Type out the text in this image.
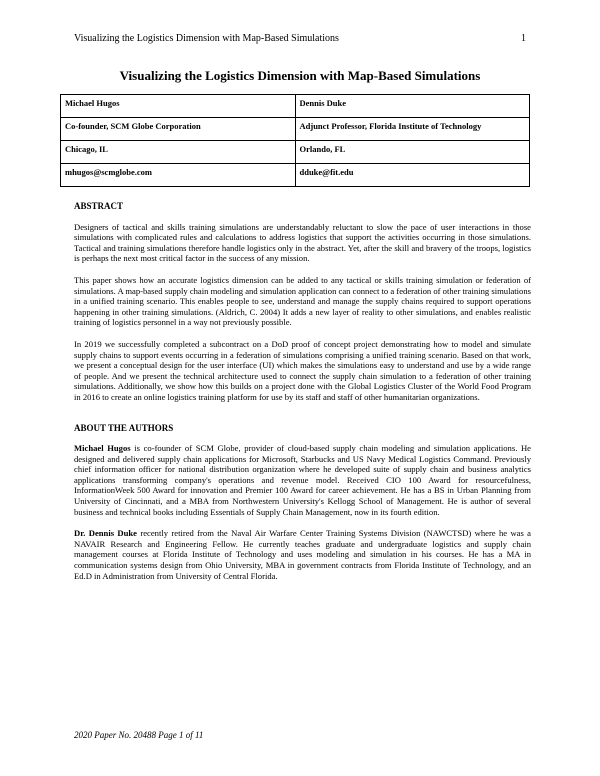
Visualizing the Logistics Dimension with Map-Based Simulations	1
Visualizing the Logistics Dimension with Map-Based Simulations
Michael Hugos	Dennis Duke
Co-founder, SCM Globe Corporation	Adjunct Professor, Florida Institute of Technology
Chicago, IL	Orlando, FL
mhugos@scmglobe.com	dduke@fit.edu
ABSTRACT

Designers of tactical and skills training simulations are understandably reluctant to slow the pace of user interactions in those simulations with complicated rules and calculations to address logistics that support the activities occurring in those simulations. Tactical and training simulations therefore handle logistics only in the abstract. Yet, after the skill and bravery of the troops, logistics is perhaps the next most critical factor in the success of any mission.

This paper shows how an accurate logistics dimension can be added to any tactical or skills training simulation or federation of simulations. A map-based supply chain modeling and simulation application can connect to a federation of other training simulations in a unified training scenario. This enables people to see, understand and manage the supply chains required to support operations happening in other training simulations. (Aldrich, C. 2004) It adds a new layer of reality to other simulations, and enables realistic training of logistics personnel in a way not previously possible.

In 2019 we successfully completed a subcontract on a DoD proof of concept project demonstrating how to model and simulate supply chains to support events occurring in a federation of simulations comprising a unified training scenario. Based on that work, we present a conceptual design for the user interface (UI) which makes the simulations easy to understand and use by a wide range of people. And we present the technical architecture used to connect the supply chain simulation to a federation of other training simulations. Additionally, we show how this builds on a project done with the Global Logistics Cluster of the World Food Program in 2016 to create an online logistics training platform for use by its staff and staff of other humanitarian organizations.

ABOUT THE AUTHORS

Michael Hugos is co-founder of SCM Globe, provider of cloud-based supply chain modeling and simulation applications. He designed and delivered supply chain applications for Microsoft, Starbucks and US Navy Medical Logistics Command. Previously chief information officer for national distribution organization where he developed suite of supply chain and business analytics applications transforming company's operations and revenue model. Received CIO 100 Award for resourcefulness, InformationWeek 500 Award for innovation and Premier 100 Award for career achievement. He has a BS in Urban Planning from University of Cincinnati, and a MBA from Northwestern University's Kellogg School of Management. He is author of several business and technical books including Essentials of Supply Chain Management, now in its fourth edition.

Dr. Dennis Duke recently retired from the Naval Air Warfare Center Training Systems Division (NAWCTSD) where he was a NAVAIR Research and Engineering Fellow. He currently teaches graduate and undergraduate logistics and supply chain management courses at Florida Institute of Technology and uses modeling and simulation in his courses. He has a MA in communication systems design from Ohio University, MBA in government contracts from Florida Institute of Technology, and an Ed.D in Administration from University of Central Florida.

2020 Paper No. 20488 Page 1 of 11
